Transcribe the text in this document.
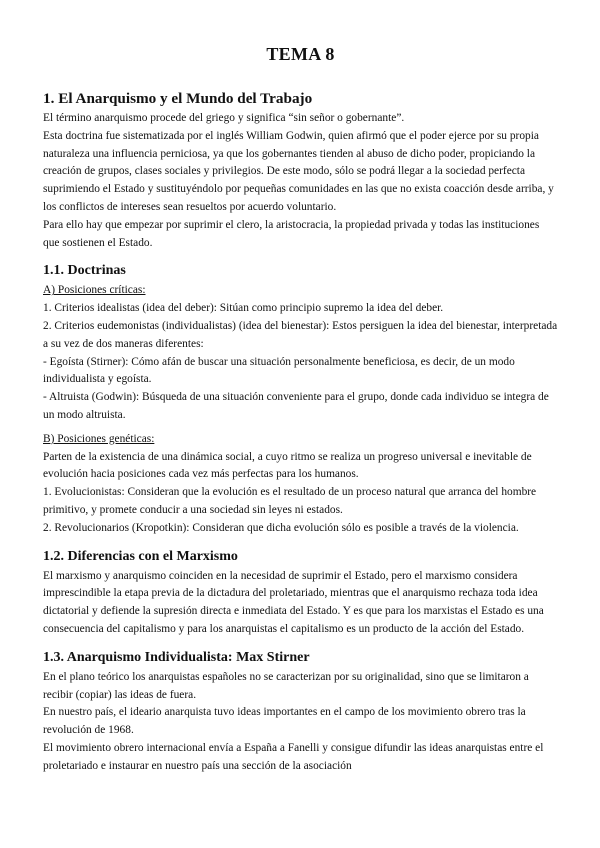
TEMA 8
1. El Anarquismo y el Mundo del Trabajo

El término anarquismo procede del griego y significa “sin señor o gobernante”.

Esta doctrina fue sistematizada por el inglés William Godwin, quien afirmó que el poder ejerce por su propia naturaleza una influencia perniciosa, ya que los gobernantes tienden al abuso de dicho poder, propiciando la creación de grupos, clases sociales y privilegios. De este modo, sólo se podrá llegar a la sociedad perfecta suprimiendo el Estado y sustituyéndolo por pequeñas comunidades en las que no exista coacción desde arriba, y los conflictos de intereses sean resueltos por acuerdo voluntario.

Para ello hay que empezar por suprimir el clero, la aristocracia, la propiedad privada y todas las instituciones que sostienen el Estado.

1.1. Doctrinas

A) Posiciones críticas:

1. Criterios idealistas (idea del deber): Sitúan como principio supremo la idea del deber.

2. Criterios eudemonistas (individualistas) (idea del bienestar): Estos persiguen la idea del bienestar, interpretada a su vez de dos maneras diferentes:

- Egoísta (Stirner): Cómo afán de buscar una situación personalmente beneficiosa, es decir, de un modo individualista y egoísta.

- Altruista (Godwin): Búsqueda de una situación conveniente para el grupo, donde cada individuo se integra de un modo altruista.

B) Posiciones genéticas:

Parten de la existencia de una dinámica social, a cuyo ritmo se realiza un progreso universal e inevitable de evolución hacia posiciones cada vez más perfectas para los humanos.

1. Evolucionistas: Consideran que la evolución es el resultado de un proceso natural que arranca del hombre primitivo, y promete conducir a una sociedad sin leyes ni estados.

2. Revolucionarios (Kropotkin): Consideran que dicha evolución sólo es posible a través de la violencia.

1.2. Diferencias con el Marxismo

El marxismo y anarquismo coinciden en la necesidad de suprimir el Estado, pero el marxismo considera imprescindible la etapa previa de la dictadura del proletariado, mientras que el anarquismo rechaza toda idea dictatorial y defiende la supresión directa e inmediata del Estado. Y es que para los marxistas el Estado es una consecuencia del capitalismo y para los anarquistas el capitalismo es un producto de la acción del Estado.

1.3. Anarquismo Individualista: Max Stirner

En el plano teórico los anarquistas españoles no se caracterizan por su originalidad, sino que se limitaron a recibir (copiar) las ideas de fuera.

En nuestro país, el ideario anarquista tuvo ideas importantes en el campo de los movimiento obrero tras la revolución de 1968.

El movimiento obrero internacional envía a España a Fanelli y consigue difundir las ideas anarquistas entre el proletariado e instaurar en nuestro país una sección de la asociación
